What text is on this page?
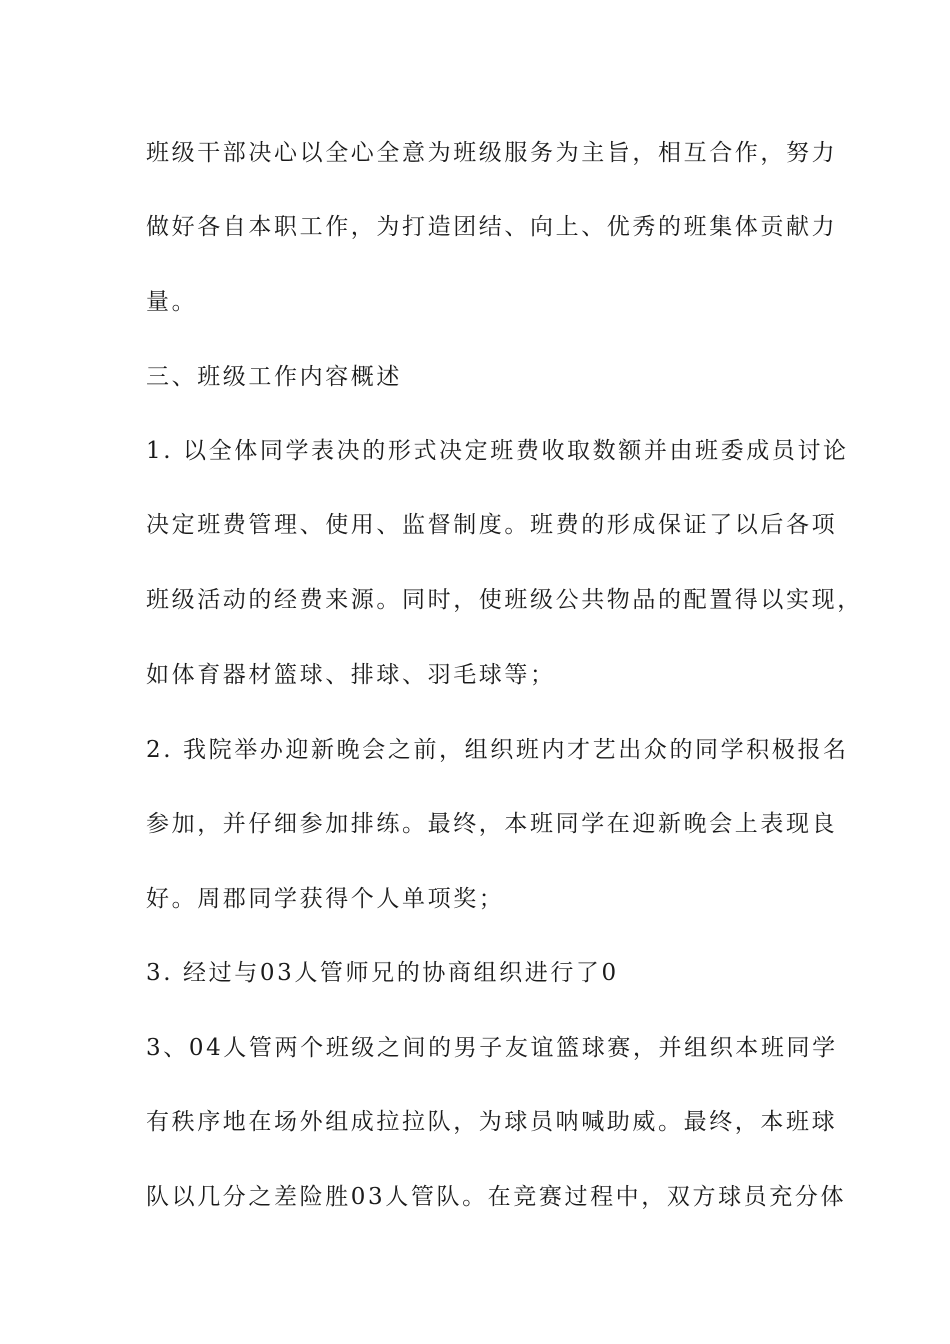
班级干部决心以全心全意为班级服务为主旨，相互合作，努力
做好各自本职工作，为打造团结、向上、优秀的班集体贡献力
量。
三、班级工作内容概述
1. 以全体同学表决的形式决定班费收取数额并由班委成员讨论
决定班费管理、使用、监督制度。班费的形成保证了以后各项
班级活动的经费来源。同时，使班级公共物品的配置得以实现，
如体育器材篮球、排球、羽毛球等；
2. 我院举办迎新晚会之前，组织班内才艺出众的同学积极报名
参加，并仔细参加排练。最终，本班同学在迎新晚会上表现良
好。周郡同学获得个人单项奖；
3. 经过与03人管师兄的协商组织进行了0
3、04人管两个班级之间的男子友谊篮球赛，并组织本班同学
有秩序地在场外组成拉拉队，为球员呐喊助威。最终，本班球
队以几分之差险胜03人管队。在竞赛过程中，双方球员充分体
